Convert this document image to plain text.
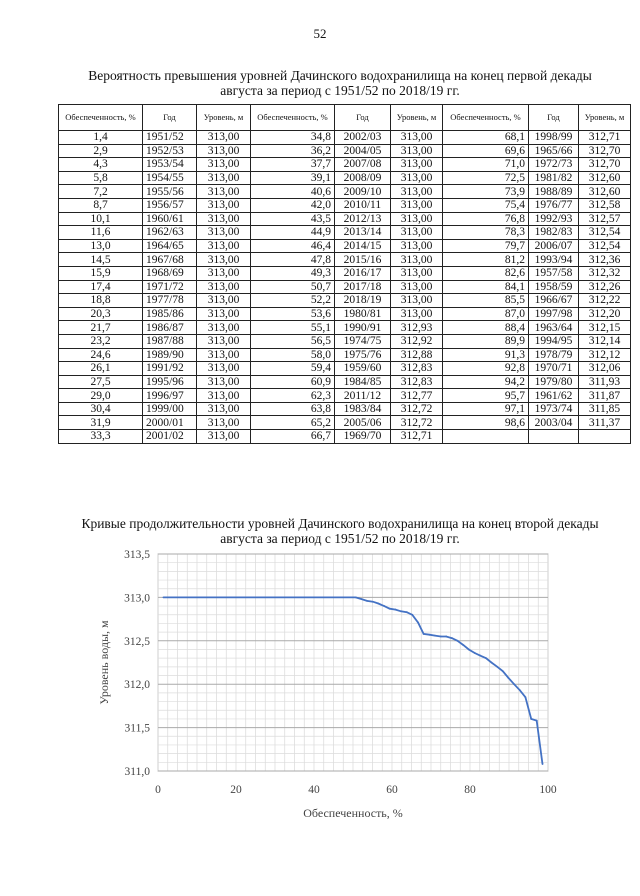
52
Вероятность превышения уровней Дачинского водохранилища на конец первой декады
августа за период с 1951/52 по 2018/19 гг.
Обеспеченность, %	Год	Уровень, м	Обеспеченность, %	Год	Уровень, м	Обеспеченность, %	Год	Уровень, м
1,4	1951/52	313,00	34,8	2002/03	313,00	68,1	1998/99	312,71
2,9	1952/53	313,00	36,2	2004/05	313,00	69,6	1965/66	312,70
4,3	1953/54	313,00	37,7	2007/08	313,00	71,0	1972/73	312,70
5,8	1954/55	313,00	39,1	2008/09	313,00	72,5	1981/82	312,60
7,2	1955/56	313,00	40,6	2009/10	313,00	73,9	1988/89	312,60
8,7	1956/57	313,00	42,0	2010/11	313,00	75,4	1976/77	312,58
10,1	1960/61	313,00	43,5	2012/13	313,00	76,8	1992/93	312,57
11,6	1962/63	313,00	44,9	2013/14	313,00	78,3	1982/83	312,54
13,0	1964/65	313,00	46,4	2014/15	313,00	79,7	2006/07	312,54
14,5	1967/68	313,00	47,8	2015/16	313,00	81,2	1993/94	312,36
15,9	1968/69	313,00	49,3	2016/17	313,00	82,6	1957/58	312,32
17,4	1971/72	313,00	50,7	2017/18	313,00	84,1	1958/59	312,26
18,8	1977/78	313,00	52,2	2018/19	313,00	85,5	1966/67	312,22
20,3	1985/86	313,00	53,6	1980/81	313,00	87,0	1997/98	312,20
21,7	1986/87	313,00	55,1	1990/91	312,93	88,4	1963/64	312,15
23,2	1987/88	313,00	56,5	1974/75	312,92	89,9	1994/95	312,14
24,6	1989/90	313,00	58,0	1975/76	312,88	91,3	1978/79	312,12
26,1	1991/92	313,00	59,4	1959/60	312,83	92,8	1970/71	312,06
27,5	1995/96	313,00	60,9	1984/85	312,83	94,2	1979/80	311,93
29,0	1996/97	313,00	62,3	2011/12	312,77	95,7	1961/62	311,87
30,4	1999/00	313,00	63,8	1983/84	312,72	97,1	1973/74	311,85
31,9	2000/01	313,00	65,2	2005/06	312,72	98,6	2003/04	311,37
33,3	2001/02	313,00	66,7	1969/70	312,71			
Кривые продолжительности уровней Дачинского водохранилища на конец второй декады
августа за период с 1951/52 по 2018/19 гг.
311,0
311,5
312,0
312,5
313,0
313,5
0	20	40	60	80	100
Обеспеченность, %
Уровень воды, м
